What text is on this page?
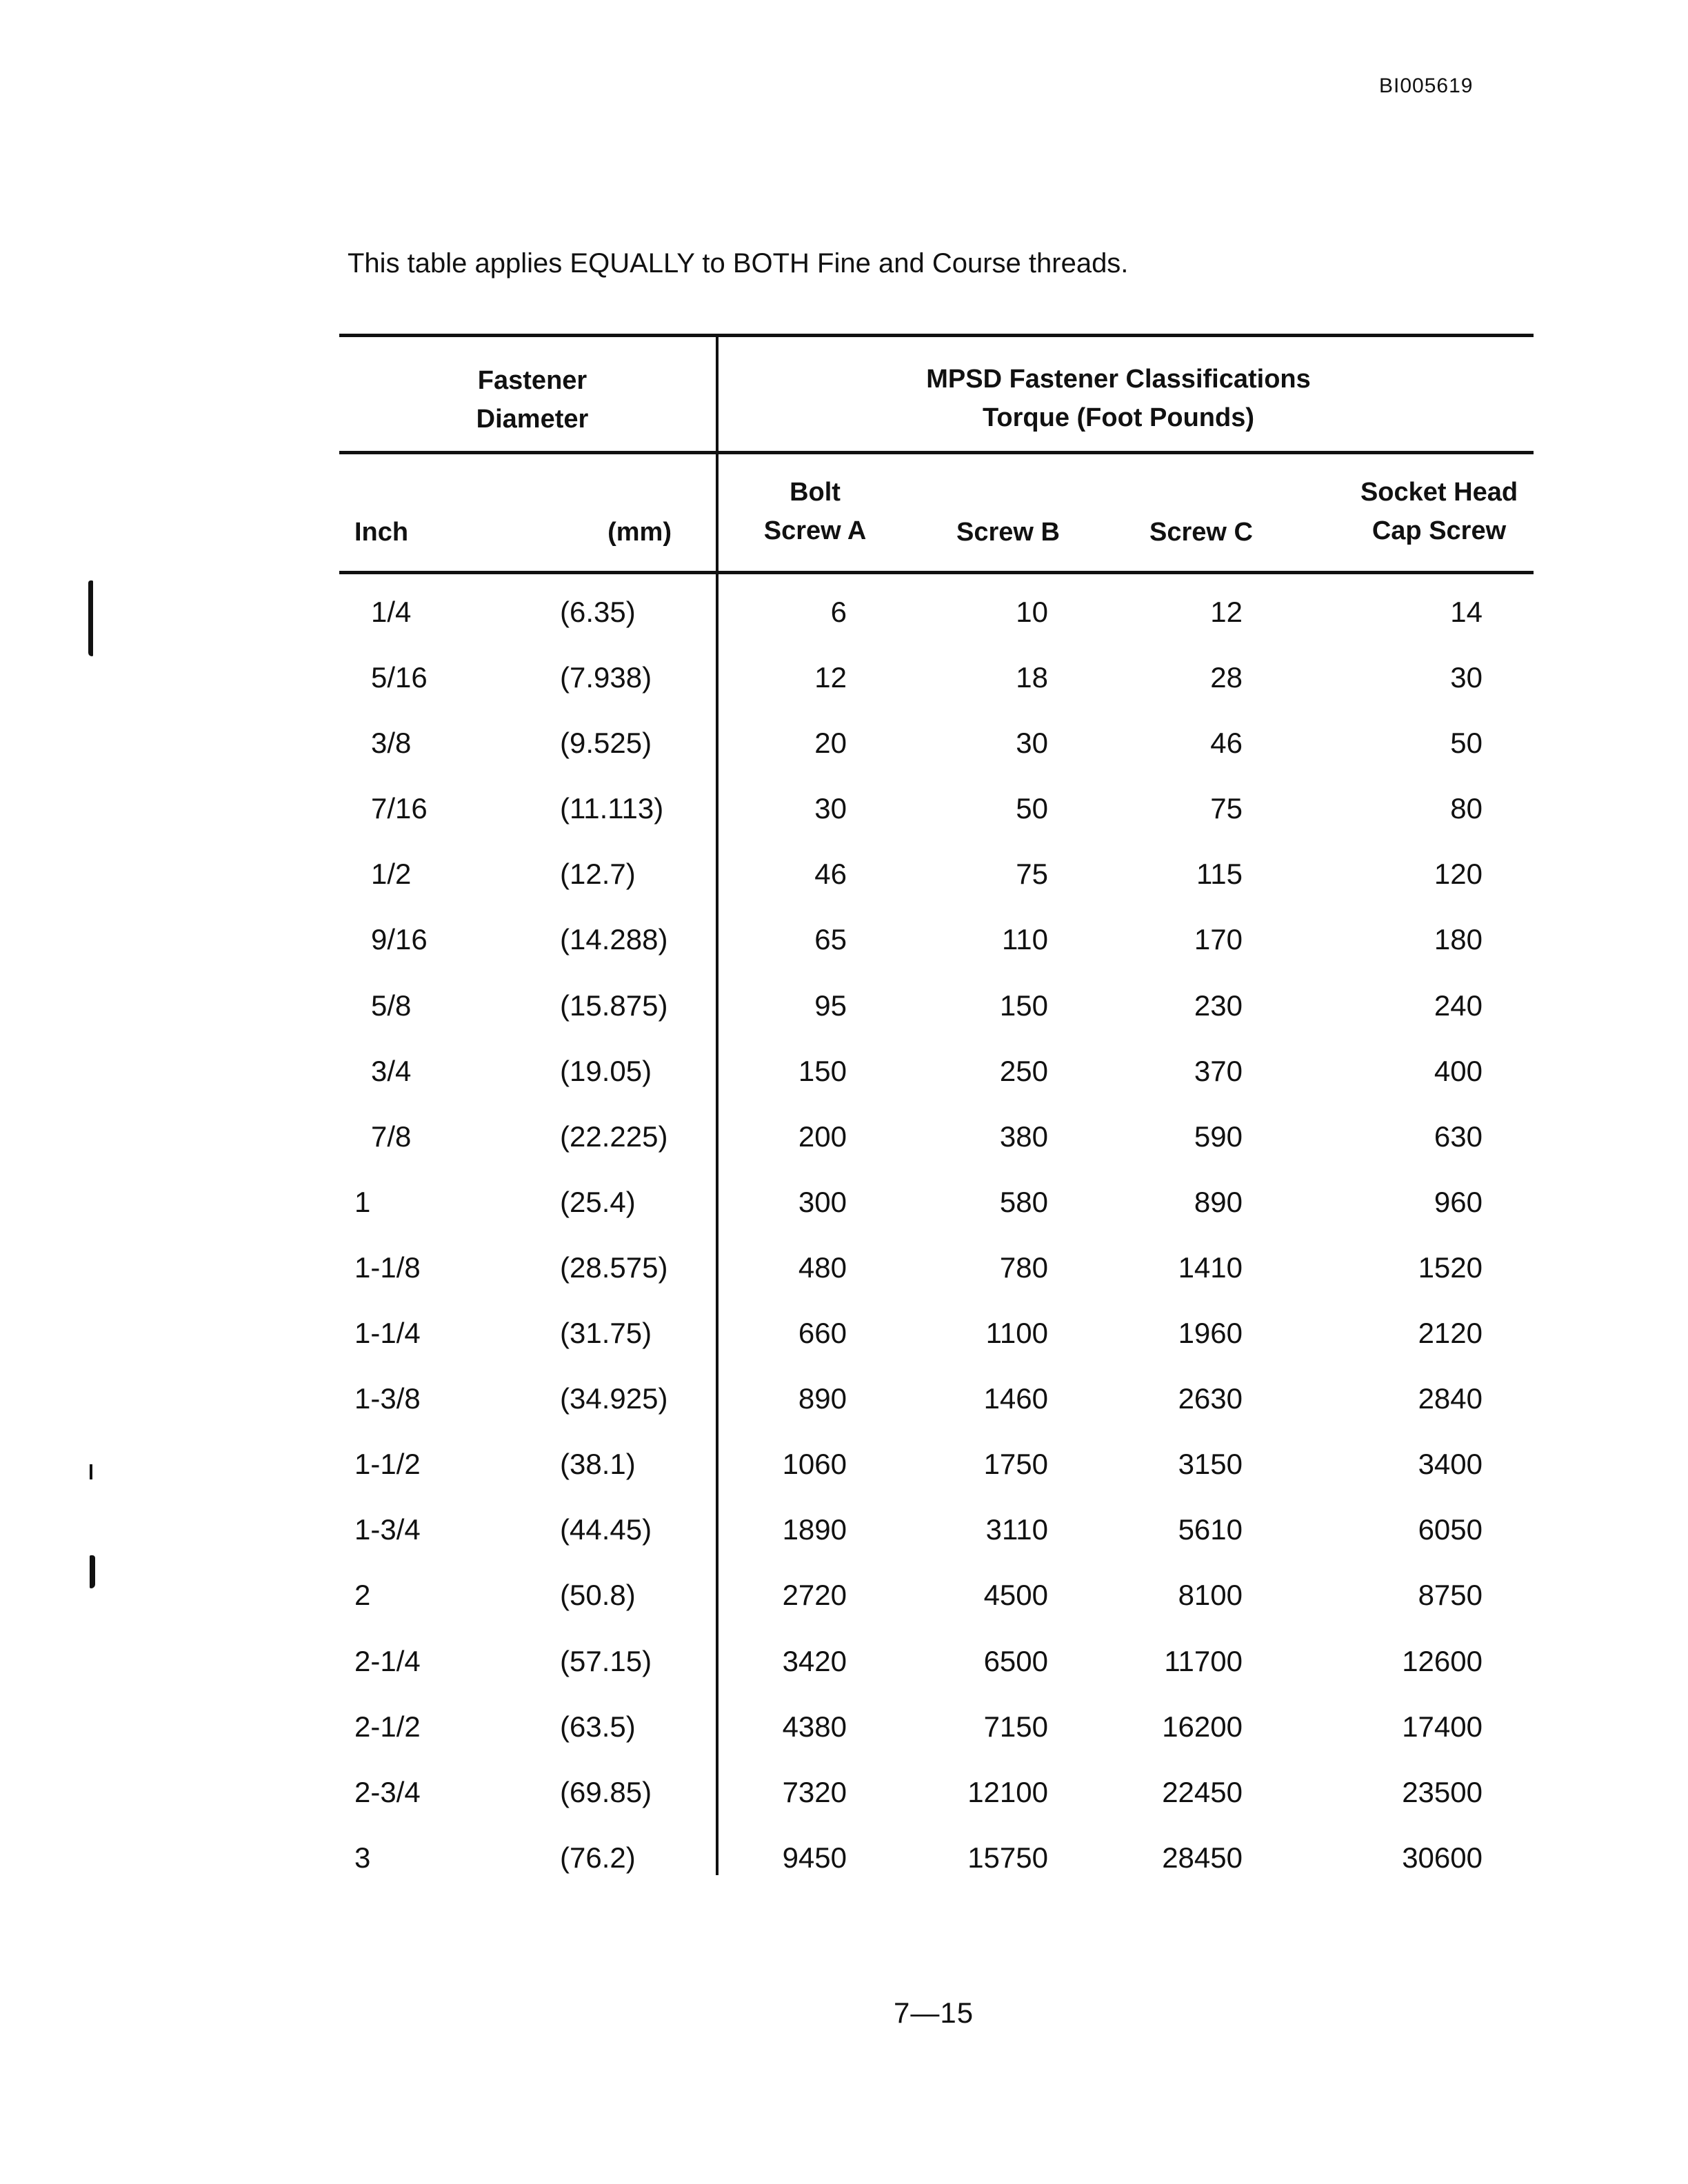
BI005619
This table applies EQUALLY to BOTH Fine and Course threads.
Fastener
Diameter
MPSD Fastener Classifications
Torque (Foot Pounds)
Inch	(mm)
Bolt
Screw A	Screw B	Screw C
Socket Head
Cap Screw
1/4	(6.35)	6	10	12	14
5/16	(7.938)	12	18	28	30
3/8	(9.525)	20	30	46	50
7/16	(11.113)	30	50	75	80
1/2	(12.7)	46	75	115	120
9/16	(14.288)	65	110	170	180
5/8	(15.875)	95	150	230	240
3/4	(19.05)	150	250	370	400
7/8	(22.225)	200	380	590	630
1	(25.4)	300	580	890	960
1-1/8	(28.575)	480	780	1410	1520
1-1/4	(31.75)	660	1100	1960	2120
1-3/8	(34.925)	890	1460	2630	2840
1-1/2	(38.1)	1060	1750	3150	3400
1-3/4	(44.45)	1890	3110	5610	6050
2	(50.8)	2720	4500	8100	8750
2-1/4	(57.15)	3420	6500	11700	12600
2-1/2	(63.5)	4380	7150	16200	17400
2-3/4	(69.85)	7320	12100	22450	23500
3	(76.2)	9450	15750	28450	30600
7—15
